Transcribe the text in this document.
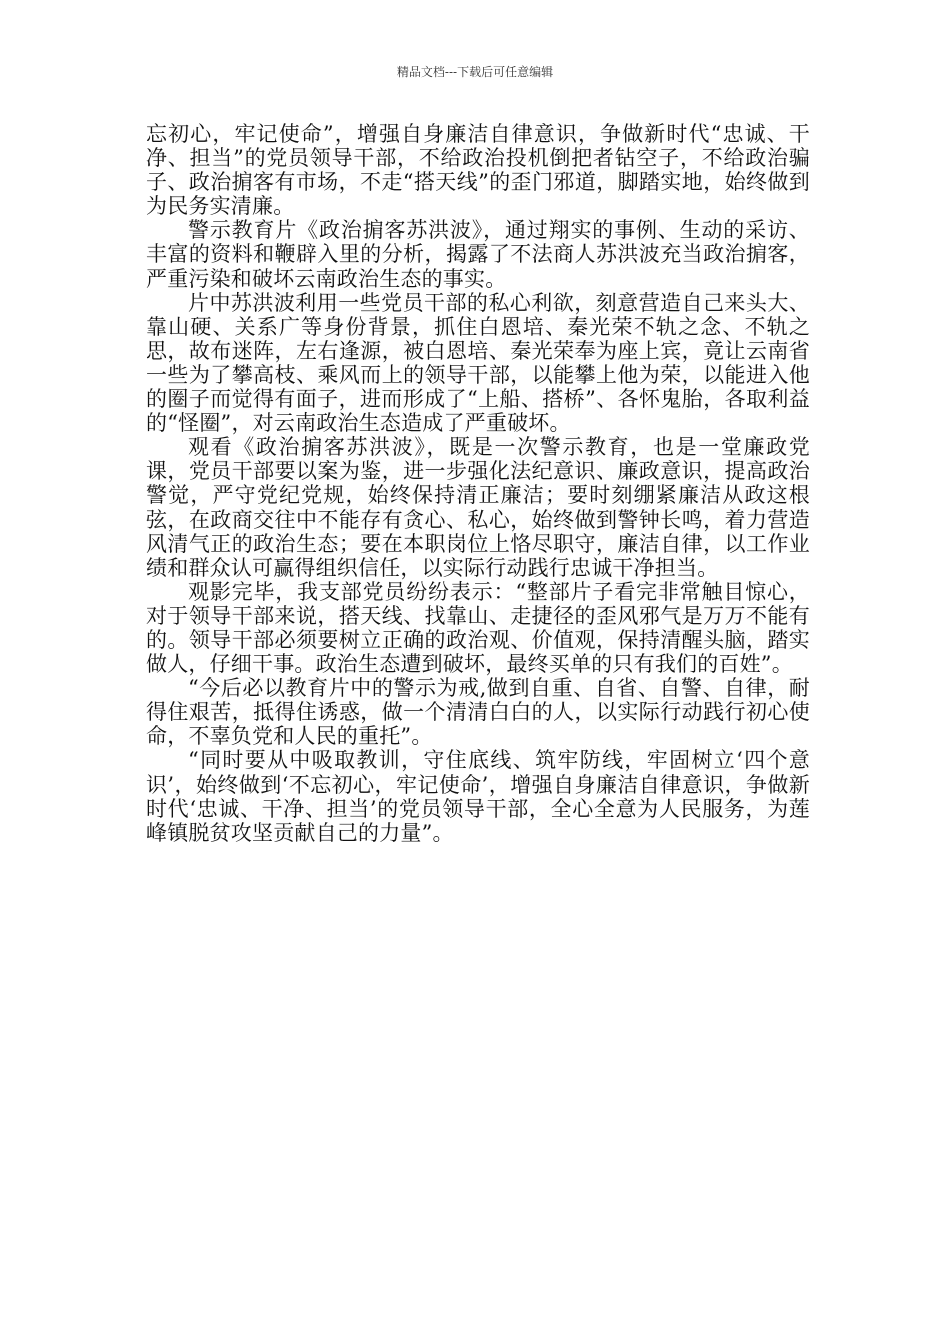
精品文档---下载后可任意编辑

忘初心，牢记使命”，增强自身廉洁自律意识，争做新时代“忠诚、干净、担当”的党员领导干部，不给政治投机倒把者钻空子，不给政治骗子、政治掮客有市场，不走“搭天线”的歪门邪道，脚踏实地，始终做到为民务实清廉。

警示教育片《政治掮客苏洪波》，通过翔实的事例、生动的采访、丰富的资料和鞭辟入里的分析，揭露了不法商人苏洪波充当政治掮客，严重污染和破坏云南政治生态的事实。

片中苏洪波利用一些党员干部的私心利欲，刻意营造自己来头大、靠山硬、关系广等身份背景，抓住白恩培、秦光荣不轨之念、不轨之思，故布迷阵，左右逢源，被白恩培、秦光荣奉为座上宾，竟让云南省一些为了攀高枝、乘风而上的领导干部，以能攀上他为荣，以能进入他的圈子而觉得有面子，进而形成了“上船、搭桥”、各怀鬼胎，各取利益的“怪圈”，对云南政治生态造成了严重破坏。

观看《政治掮客苏洪波》，既是一次警示教育，也是一堂廉政党课，党员干部要以案为鉴，进一步强化法纪意识、廉政意识，提高政治警觉，严守党纪党规，始终保持清正廉洁；要时刻绷紧廉洁从政这根弦，在政商交往中不能存有贪心、私心，始终做到警钟长鸣，着力营造风清气正的政治生态；要在本职岗位上恪尽职守，廉洁自律，以工作业绩和群众认可赢得组织信任，以实际行动践行忠诚干净担当。

观影完毕，我支部党员纷纷表示：“整部片子看完非常触目惊心，对于领导干部来说，搭天线、找靠山、走捷径的歪风邪气是万万不能有的。领导干部必须要树立正确的政治观、价值观，保持清醒头脑，踏实做人，仔细干事。政治生态遭到破坏，最终买单的只有我们的百姓”。

“今后必以教育片中的警示为戒,做到自重、自省、自警、自律，耐得住艰苦，抵得住诱惑，做一个清清白白的人，以实际行动践行初心使命，不辜负党和人民的重托”。

“同时要从中吸取教训，守住底线、筑牢防线，牢固树立‘四个意识’，始终做到‘不忘初心，牢记使命’，增强自身廉洁自律意识，争做新时代‘忠诚、干净、担当’的党员领导干部，全心全意为人民服务，为莲峰镇脱贫攻坚贡献自己的力量”。
